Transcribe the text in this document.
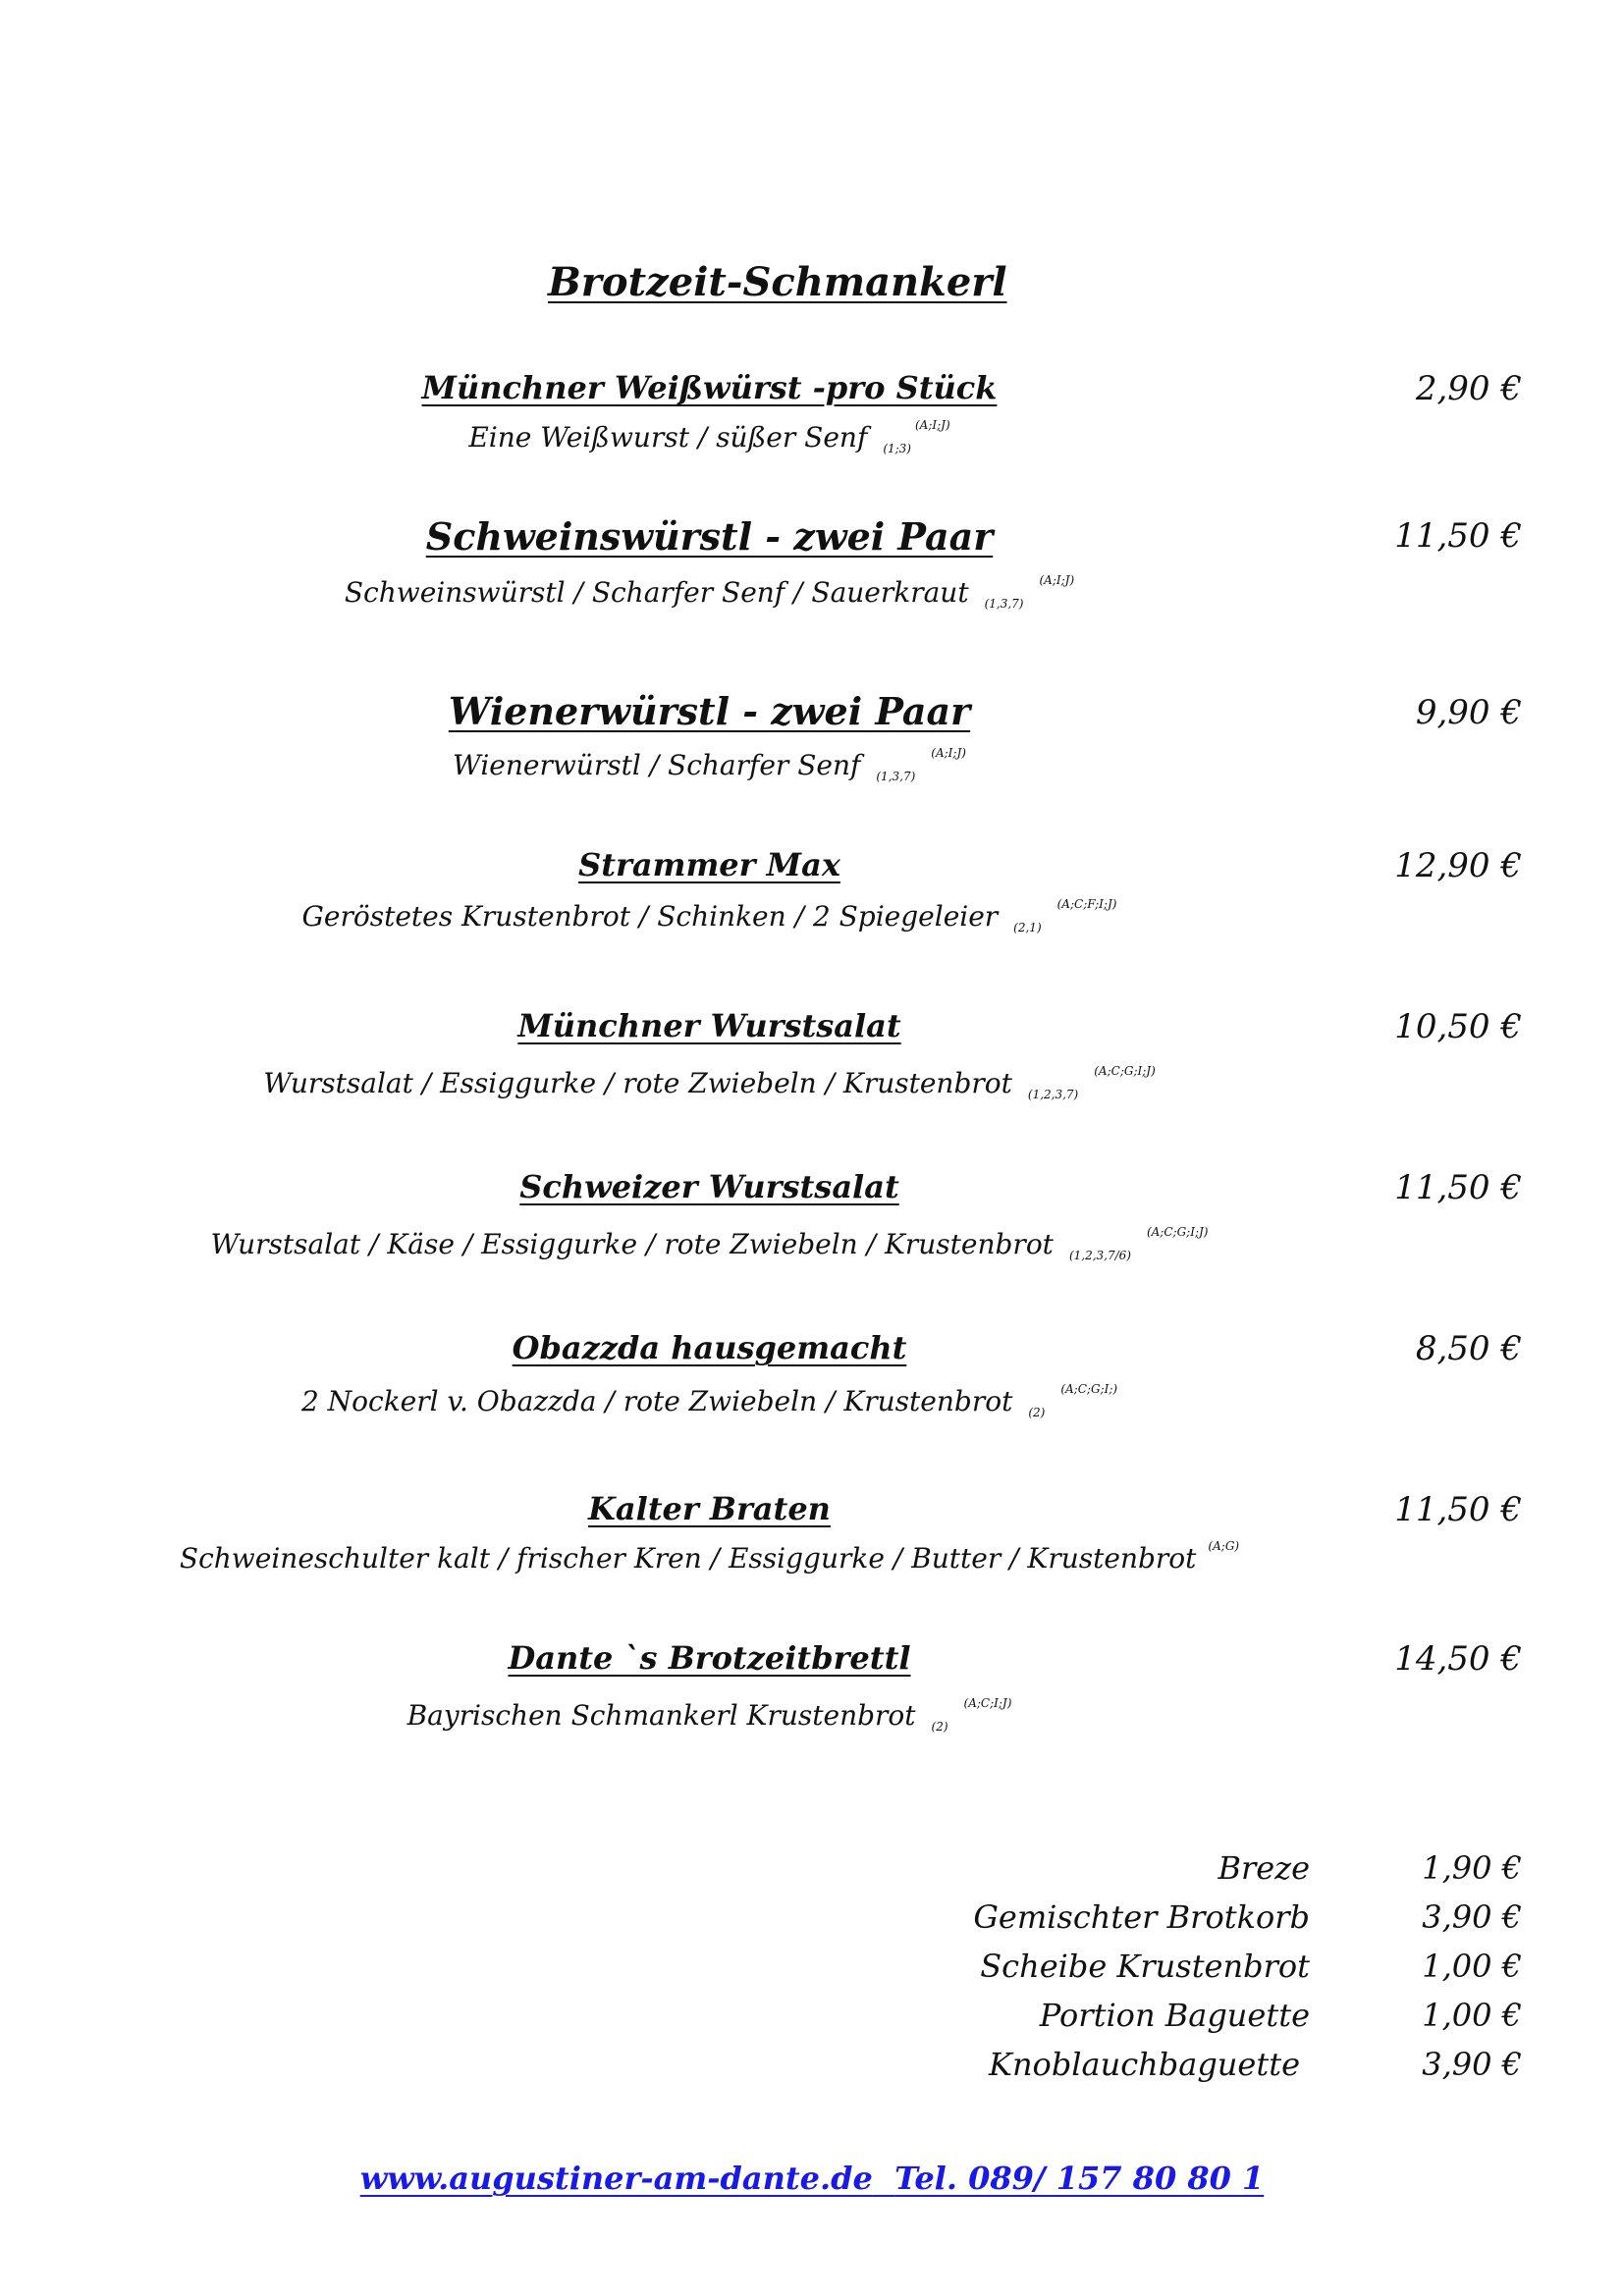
Brotzeit-Schmankerl
Münchner Weißwürst -pro Stück	2,90 €
Eine Weißwurst / süßer Senf $_{(1;3)}^{(A;I;J)}$
Schweinswürstl - zwei Paar	11,50 €
Schweinswürstl / Scharfer Senf / Sauerkraut $_{(1,3,7)}^{(A;I;J)}$
Wienerwürstl - zwei Paar	9,90 €
Wienerwürstl / Scharfer Senf $_{(1,3,7)}^{(A;I;J)}$
Strammer Max	12,90 €
Geröstetes Krustenbrot / Schinken / 2 Spiegeleier $_{(2,1)}^{(A;C;F;I;J)}$
Münchner Wurstsalat	10,50 €
Wurstsalat / Essiggurke / rote Zwiebeln / Krustenbrot $_{(1,2,3,7)}^{(A;C;G;I;J)}$
Schweizer Wurstsalat	11,50 €
Wurstsalat / Käse / Essiggurke / rote Zwiebeln / Krustenbrot $_{(1,2,3,7/6)}^{(A;C;G;I;J)}$
Obazzda hausgemacht	8,50 €
2 Nockerl v. Obazzda / rote Zwiebeln / Krustenbrot $_{(2)}^{(A;C;G;I;)}$
Kalter Braten	11,50 €
Schweineschulter kalt / frischer Kren / Essiggurke / Butter / Krustenbrot $^{(A;G)}$
Dante `s Brotzeitbrettl	14,50 €
Bayrischen Schmankerl Krustenbrot $_{(2)}^{(A;C;I;J)}$
Breze	1,90 €
Gemischter Brotkorb	3,90 €
Scheibe Krustenbrot	1,00 €
Portion Baguette	1,00 €
Knoblauchbaguette	3,90 €
www.augustiner-am-dante.de Tel. 089/ 157 80 80 1
